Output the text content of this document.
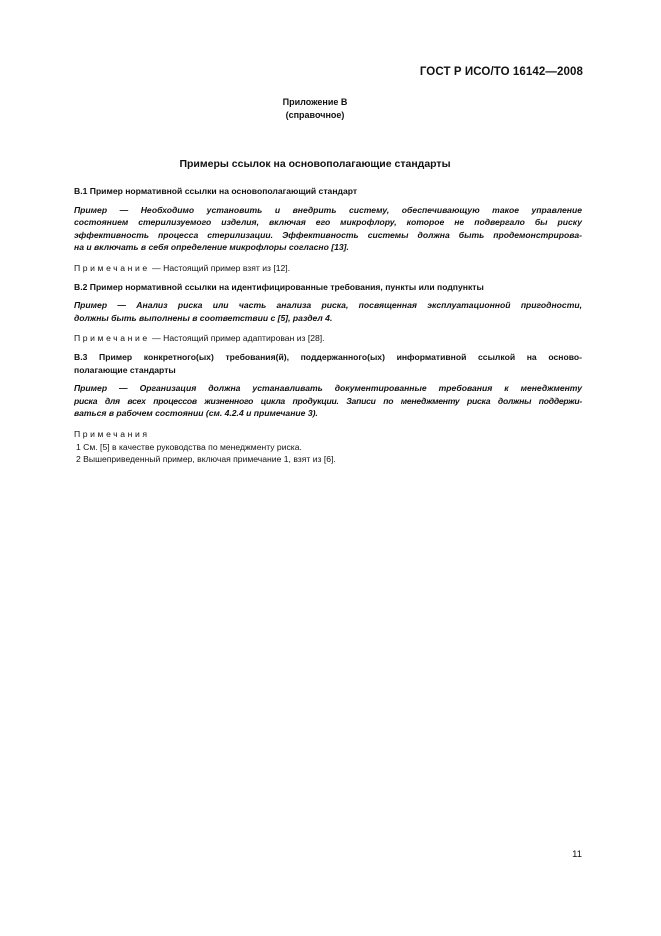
ГОСТ Р ИСО/ТО 16142—2008
Приложение В
(справочное)
Примеры ссылок на основополагающие стандарты

В.1 Пример нормативной ссылки на основополагающий стандарт

Пример — Необходимо установить и внедрить систему, обеспечивающую такое управление
состоянием стерилизуемого изделия, включая его микрофлору, которое не подвергало бы риску
эффективность процесса стерилизации. Эффективность системы должна быть продемонстрирова-
на и включать в себя определение микрофлоры согласно [13].

Примечание — Настоящий пример взят из [12].

В.2 Пример нормативной ссылки на идентифицированные требования, пункты или подпункты

Пример — Анализ риска или часть анализа риска, посвященная эксплуатационной пригодности,
должны быть выполнены в соответствии с [5], раздел 4.

Примечание — Настоящий пример адаптирован из [28].

В.3 Пример конкретного(ых) требования(й), поддержанного(ых) информативной ссылкой на осново-
полагающие стандарты
Пример — Организация должна устанавливать документированные требования к менеджменту
риска для всех процессов жизненного цикла продукции. Записи по менеджменту риска должны поддержи-
ваться в рабочем состоянии (см. 4.2.4 и примечание 3).

Примечания

1 См. [5] в качестве руководства по менеджменту риска.

2 Вышеприведенный пример, включая примечание 1, взят из [6].

11
